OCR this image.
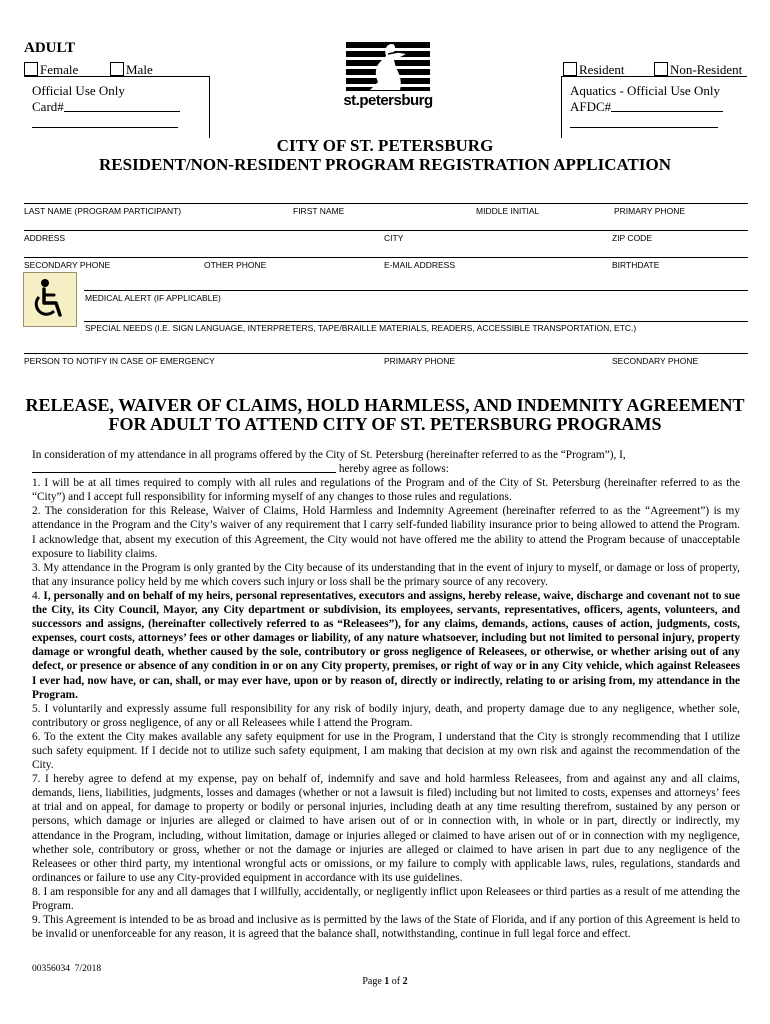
ADULT
Female	Male
Official Use Only
Card#	st.petersburg
Resident	Non-Resident
Aquatics - Official Use Only
AFDC#
CITY OF ST. PETERSBURG
RESIDENT/NON-RESIDENT PROGRAM REGISTRATION APPLICATION
LAST NAME (PROGRAM PARTICIPANT)	FIRST NAME	MIDDLE INITIAL	PRIMARY PHONE
ADDRESS	CITY	ZIP CODE
SECONDARY PHONE	OTHER PHONE	E-MAIL ADDRESS	BIRTHDATE
MEDICAL ALERT (IF APPLICABLE)
SPECIAL NEEDS (I.E. SIGN LANGUAGE, INTERPRETERS, TAPE/BRAILLE MATERIALS, READERS, ACCESSIBLE TRANSPORTATION, ETC.)
PERSON TO NOTIFY IN CASE OF EMERGENCY	PRIMARY PHONE	SECONDARY PHONE
RELEASE, WAIVER OF CLAIMS, HOLD HARMLESS, AND INDEMNITY AGREEMENT
FOR ADULT TO ATTEND CITY OF ST. PETERSBURG PROGRAMS

In consideration of my attendance in all programs offered by the City of St. Petersburg (hereinafter referred to as the “Program”), I,

hereby agree as follows:

1. I will be at all times required to comply with all rules and regulations of the Program and of the City of St. Petersburg (hereinafter referred to as the “City”) and I accept full responsibility for informing myself of any changes to those rules and regulations.

2. The consideration for this Release, Waiver of Claims, Hold Harmless and Indemnity Agreement (hereinafter referred to as the “Agreement”) is my attendance in the Program and the City’s waiver of any requirement that I carry self-funded liability insurance prior to being allowed to attend the Program. I acknowledge that, absent my execution of this Agreement, the City would not have offered me the ability to attend the Program because of unacceptable exposure to liability claims.

3. My attendance in the Program is only granted by the City because of its understanding that in the event of injury to myself, or damage or loss of property, that any insurance policy held by me which covers such injury or loss shall be the primary source of any recovery.

4. I, personally and on behalf of my heirs, personal representatives, executors and assigns, hereby release, waive, discharge and covenant not to sue the City, its City Council, Mayor, any City department or subdivision, its employees, servants, representatives, officers, agents, volunteers, and successors and assigns, (hereinafter collectively referred to as “Releasees”), for any claims, demands, actions, causes of action, judgments, costs, expenses, court costs, attorneys’ fees or other damages or liability, of any nature whatsoever, including but not limited to personal injury, property damage or wrongful death, whether caused by the sole, contributory or gross negligence of Releasees, or otherwise, or whether arising out of any defect, or presence or absence of any condition in or on any City property, premises, or right of way or in any City vehicle, which against Releasees I ever had, now have, or can, shall, or may ever have, upon or by reason of, directly or indirectly, relating to or arising from, my attendance in the Program.

5. I voluntarily and expressly assume full responsibility for any risk of bodily injury, death, and property damage due to any negligence, whether sole, contributory or gross negligence, of any or all Releasees while I attend the Program.

6. To the extent the City makes available any safety equipment for use in the Program, I understand that the City is strongly recommending that I utilize such safety equipment. If I decide not to utilize such safety equipment, I am making that decision at my own risk and against the recommendation of the City.

7. I hereby agree to defend at my expense, pay on behalf of, indemnify and save and hold harmless Releasees, from and against any and all claims, demands, liens, liabilities, judgments, losses and damages (whether or not a lawsuit is filed) including but not limited to costs, expenses and attorneys’ fees at trial and on appeal, for damage to property or bodily or personal injuries, including death at any time resulting therefrom, sustained by any person or persons, which damage or injuries are alleged or claimed to have arisen out of or in connection with, in whole or in part, directly or indirectly, my attendance in the Program, including, without limitation, damage or injuries alleged or claimed to have arisen out of or in connection with my negligence, whether sole, contributory or gross, whether or not the damage or injuries are alleged or claimed to have arisen in part due to any negligence of the Releasees or other third party, my intentional wrongful acts or omissions, or my failure to comply with applicable laws, rules, regulations, standards and ordinances or failure to use any City-provided equipment in accordance with its use guidelines.

8. I am responsible for any and all damages that I willfully, accidentally, or negligently inflict upon Releasees or third parties as a result of me attending the Program.

9. This Agreement is intended to be as broad and inclusive as is permitted by the laws of the State of Florida, and if any portion of this Agreement is held to be invalid or unenforceable for any reason, it is agreed that the balance shall, notwithstanding, continue in full legal force and effect.

00356034 7/2018
Page 1 of 2
